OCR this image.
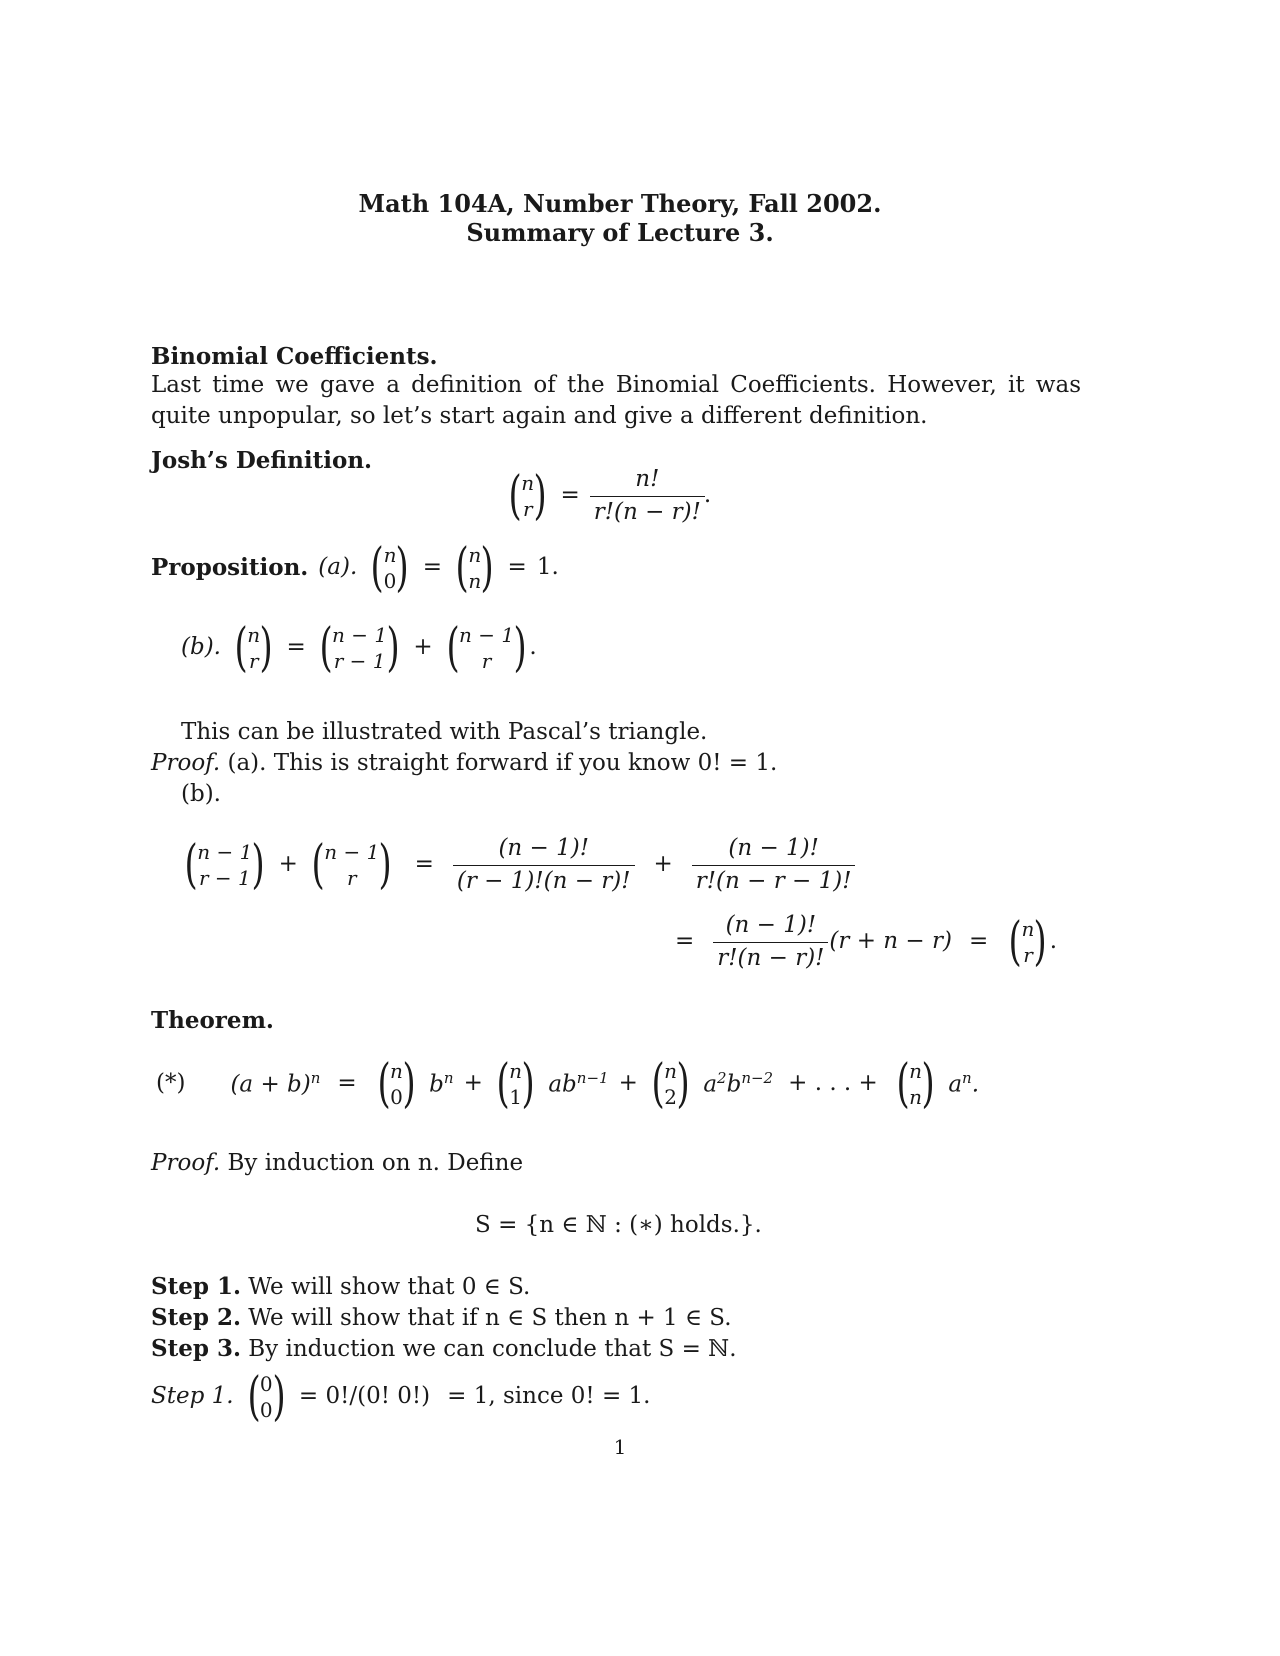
Math 104A, Number Theory, Fall 2002.
Summary of Lecture 3.
Binomial Coefficients.
Last time we gave a definition of the Binomial Coefficients. However, it was quite unpopular, so let’s start again and give a different definition.
Josh’s Definition.
( n
r ) = $\frac{n!}{r!(n - r)!}$ .
Proposition. (a). ( n
0 ) = ( n
n ) = 1.
(b). ( n
r ) = ( n − 1
r − 1 ) + ( n − 1
r ) .
This can be illustrated with Pascal’s triangle.
Proof. (a). This is straight forward if you know 0! = 1.
(b).
( n − 1
r − 1 ) + ( n − 1
r ) = $\frac{(n - 1)!}{(r - 1)!(n - r)!} + \frac{(n - 1)!}{r!(n - r - 1)!}$
= $\frac{(n - 1)!}{r!(n - r)!} (r + n - r)$ = ( n
r ) .
Theorem.
(*) $(a + b)^n$ = ( n
0 ) $b^n$ + ( n
1 ) $ab^{n-1}$ + ( n
2 ) $a^2b^{n-2}$ + . . . + ( n
n ) $a^n$.
Proof. By induction on n. Define
S = {n ∈ ℕ : (∗) holds.}.
Step 1. We will show that 0 ∈ S.
Step 2. We will show that if n ∈ S then n + 1 ∈ S.
Step 3. By induction we can conclude that S = ℕ.
Step 1. ( 0
0 ) = 0!/(0! 0!) = 1, since 0! = 1.
1
